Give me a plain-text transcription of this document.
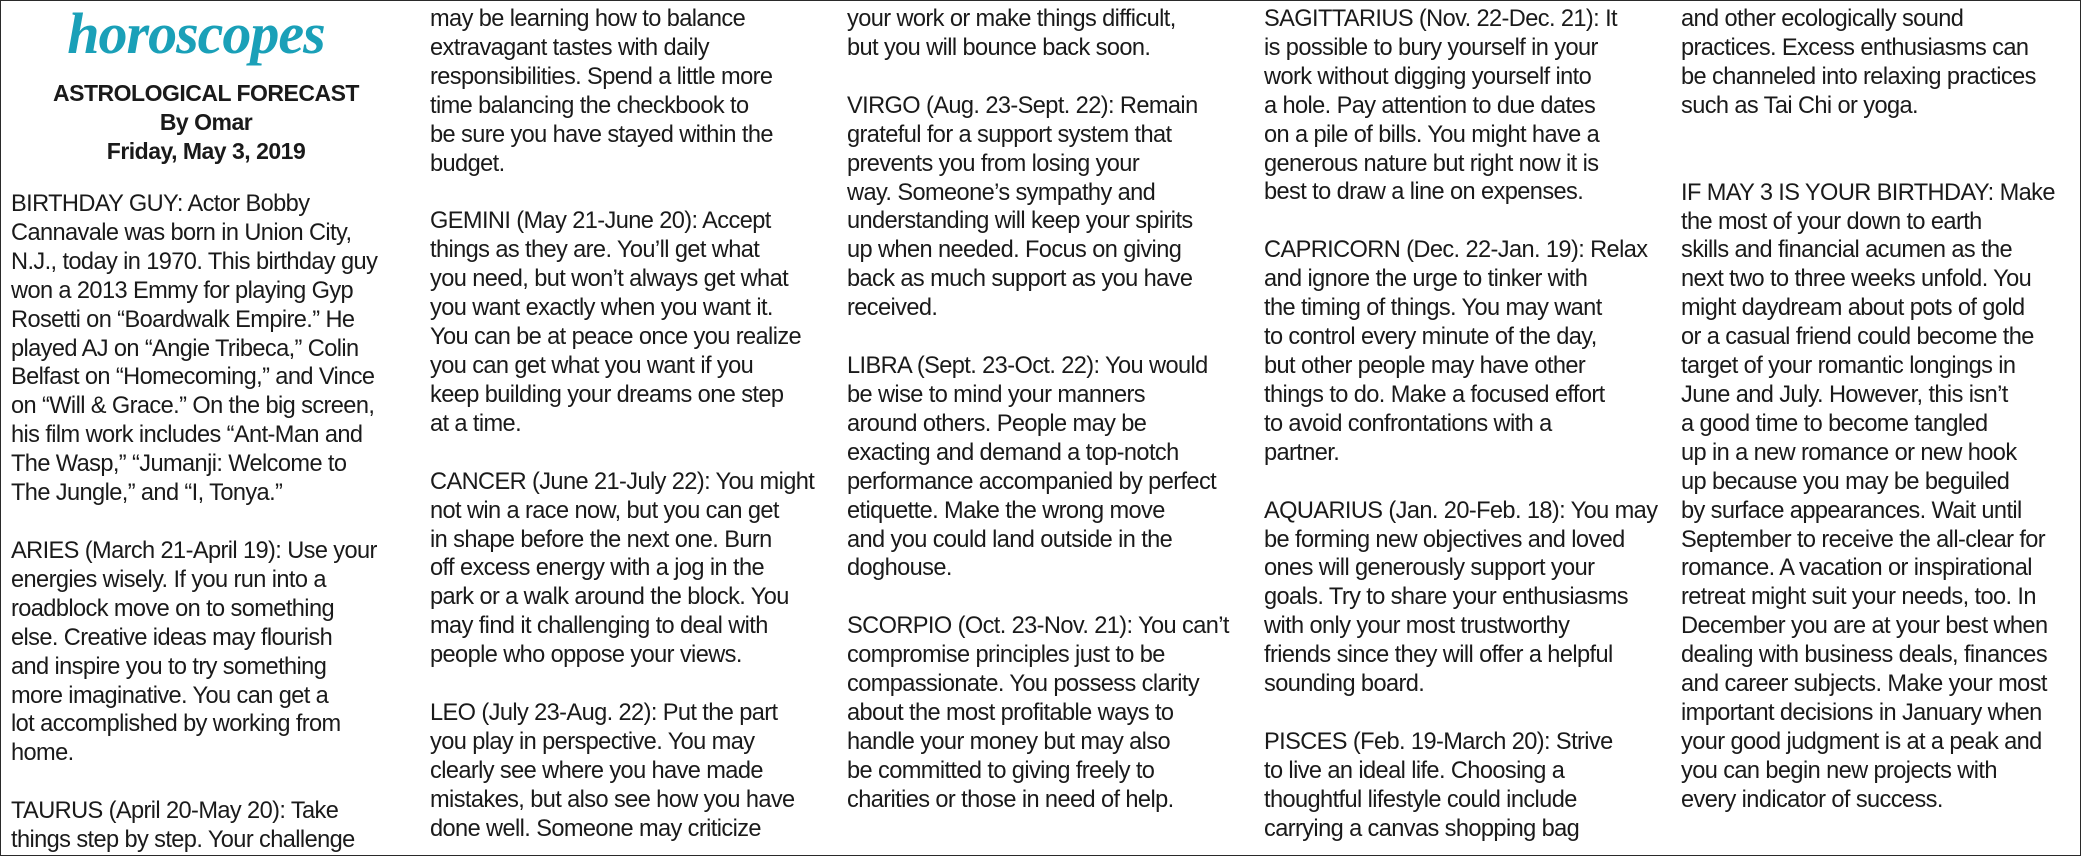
horoscopes

ASTROLOGICAL FORECAST

By Omar

Friday, May 3, 2019

BIRTHDAY GUY: Actor Bobby
Cannavale was born in Union City,
N.J., today in 1970. This birthday guy
won a 2013 Emmy for playing Gyp
Rosetti on “Boardwalk Empire.” He
played AJ on “Angie Tribeca,” Colin
Belfast on “Homecoming,” and Vince
on “Will & Grace.” On the big screen,
his film work includes “Ant-Man and
The Wasp,” “Jumanji: Welcome to
The Jungle,” and “I, Tonya.”

ARIES (March 21-April 19): Use your
energies wisely. If you run into a
roadblock move on to something
else. Creative ideas may flourish
and inspire you to try something
more imaginative. You can get a
lot accomplished by working from
home.

TAURUS (April 20-May 20): Take
things step by step. Your challenge

may be learning how to balance
extravagant tastes with daily
responsibilities. Spend a little more
time balancing the checkbook to
be sure you have stayed within the
budget.

GEMINI (May 21-June 20): Accept
things as they are. You’ll get what
you need, but won’t always get what
you want exactly when you want it.
You can be at peace once you realize
you can get what you want if you
keep building your dreams one step
at a time.

CANCER (June 21-July 22): You might
not win a race now, but you can get
in shape before the next one. Burn
off excess energy with a jog in the
park or a walk around the block. You
may find it challenging to deal with
people who oppose your views.

LEO (July 23-Aug. 22): Put the part
you play in perspective. You may
clearly see where you have made
mistakes, but also see how you have
done well. Someone may criticize

your work or make things difficult,
but you will bounce back soon.

VIRGO (Aug. 23-Sept. 22): Remain
grateful for a support system that
prevents you from losing your
way. Someone’s sympathy and
understanding will keep your spirits
up when needed. Focus on giving
back as much support as you have
received.

LIBRA (Sept. 23-Oct. 22): You would
be wise to mind your manners
around others. People may be
exacting and demand a top-notch
performance accompanied by perfect
etiquette. Make the wrong move
and you could land outside in the
doghouse.

SCORPIO (Oct. 23-Nov. 21): You can’t
compromise principles just to be
compassionate. You possess clarity
about the most profitable ways to
handle your money but may also
be committed to giving freely to
charities or those in need of help.

SAGITTARIUS (Nov. 22-Dec. 21): It
is possible to bury yourself in your
work without digging yourself into
a hole. Pay attention to due dates
on a pile of bills. You might have a
generous nature but right now it is
best to draw a line on expenses.

CAPRICORN (Dec. 22-Jan. 19): Relax
and ignore the urge to tinker with
the timing of things. You may want
to control every minute of the day,
but other people may have other
things to do. Make a focused effort
to avoid confrontations with a
partner.

AQUARIUS (Jan. 20-Feb. 18): You may
be forming new objectives and loved
ones will generously support your
goals. Try to share your enthusiasms
with only your most trustworthy
friends since they will offer a helpful
sounding board.

PISCES (Feb. 19-March 20): Strive
to live an ideal life. Choosing a
thoughtful lifestyle could include
carrying a canvas shopping bag

and other ecologically sound
practices. Excess enthusiasms can
be channeled into relaxing practices
such as Tai Chi or yoga.

IF MAY 3 IS YOUR BIRTHDAY: Make
the most of your down to earth
skills and financial acumen as the
next two to three weeks unfold. You
might daydream about pots of gold
or a casual friend could become the
target of your romantic longings in
June and July. However, this isn’t
a good time to become tangled
up in a new romance or new hook
up because you may be beguiled
by surface appearances. Wait until
September to receive the all-clear for
romance. A vacation or inspirational
retreat might suit your needs, too. In
December you are at your best when
dealing with business deals, finances
and career subjects. Make your most
important decisions in January when
your good judgment is at a peak and
you can begin new projects with
every indicator of success.
